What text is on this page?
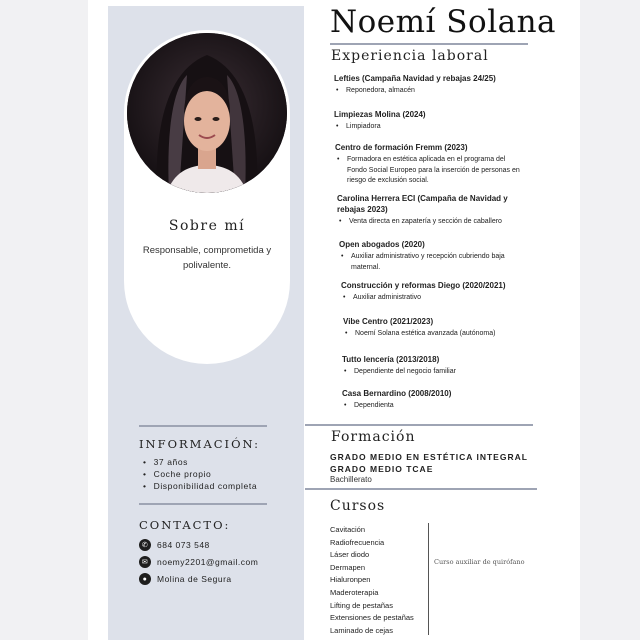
Sobre mí
Responsable, comprometida y polivalente.
INFORMACIÓN:
• 37 años
• Coche propio
• Disponibilidad completa
CONTACTO:
✆	684 073 548
✉	noemy2201@gmail.com
●	Molina de Segura
Noemí Solana
Experiencia laboral
Lefties (Campaña Navidad y rebajas 24/25)
• Reponedora, almacén
Limpiezas Molina (2024)
• Limpiadora
Centro de formación Fremm (2023)
• Formadora en estética aplicada en el programa del Fondo Social Europeo para la inserción de personas en riesgo de exclusión social.
Carolina Herrera ECI (Campaña de Navidad y rebajas 2023)
• Venta directa en zapatería y sección de caballero
Open abogados (2020)
• Auxiliar administrativo y recepción cubriendo baja maternal.
Construcción y reformas Diego (2020/2021)
• Auxiliar administrativo
Vibe Centro (2021/2023)
• Noemí Solana estética avanzada (autónoma)
Tutto lencería (2013/2018)
• Dependiente del negocio familiar
Casa Bernardino (2008/2010)
• Dependienta
Formación
GRADO MEDIO EN ESTÉTICA INTEGRAL
GRADO MEDIO TCAE
Bachillerato
Cursos
Cavitación
Radiofrecuencia
Láser diodo
Dermapen
Hialuronpen
Maderoterapia
Lifting de pestañas
Extensiones de pestañas
Laminado de cejas
Curso auxiliar de quirófano
